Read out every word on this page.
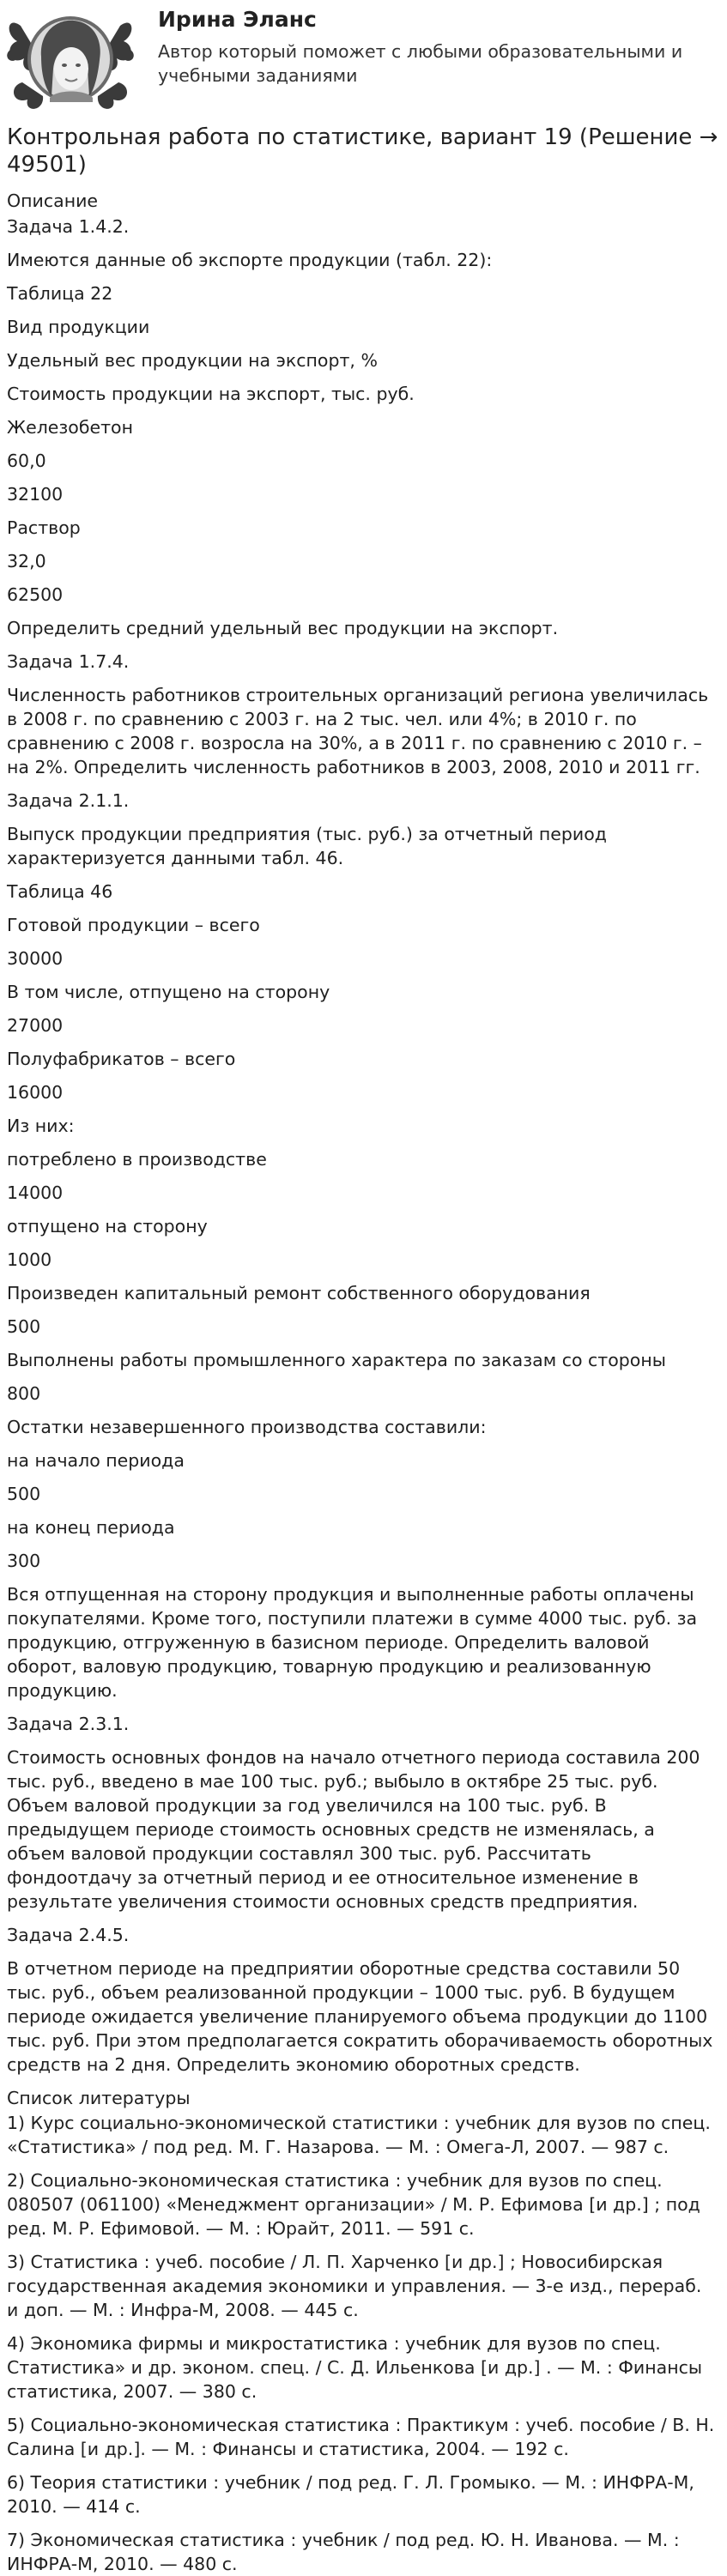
Ирина Эланс
Автор который поможет с любыми образовательными и учебными заданиями
Контрольная работа по статистике, вариант 19 (Решение → 49501)
Описание
Задача 1.4.2.
Имеются данные об экспорте продукции (табл. 22):
Таблица 22
Вид продукции
Удельный вес продукции на экспорт, %
Стоимость продукции на экспорт, тыс. руб.
Железобетон
60,0
32100
Раствор
32,0
62500
Определить средний удельный вес продукции на экспорт.
Задача 1.7.4.
Численность работников строительных организаций региона увеличилась в 2008 г. по сравнению с 2003 г. на 2 тыс. чел. или 4%; в 2010 г. по сравнению с 2008 г. возросла на 30%, а в 2011 г. по сравнению с 2010 г. – на 2%. Определить численность работников в 2003, 2008, 2010 и 2011 гг.
Задача 2.1.1.
Выпуск продукции предприятия (тыс. руб.) за отчетный период характеризуется данными табл. 46.
Таблица 46
Готовой продукции – всего
30000
В том числе, отпущено на сторону
27000
Полуфабрикатов – всего
16000
Из них:
потреблено в производстве
14000
отпущено на сторону
1000
Произведен капитальный ремонт собственного оборудования
500
Выполнены работы промышленного характера по заказам со стороны
800
Остатки незавершенного производства составили:
на начало периода
500
на конец периода
300
Вся отпущенная на сторону продукция и выполненные работы оплачены покупателями. Кроме того, поступили платежи в сумме 4000 тыс. руб. за продукцию, отгруженную в базисном периоде. Определить валовой оборот, валовую продукцию, товарную продукцию и реализованную продукцию.
Задача 2.3.1.
Стоимость основных фондов на начало отчетного периода составила 200 тыс. руб., введено в мае 100 тыс. руб.; выбыло в октябре 25 тыс. руб. Объем валовой продукции за год увеличился на 100 тыс. руб. В предыдущем периоде стоимость основных средств не изменялась, а объем валовой продукции составлял 300 тыс. руб. Рассчитать фондоотдачу за отчетный период и ее относительное изменение в результате увеличения стоимости основных средств предприятия.
Задача 2.4.5.
В отчетном периоде на предприятии оборотные средства составили 50 тыс. руб., объем реализованной продукции – 1000 тыс. руб. В будущем периоде ожидается увеличение планируемого объема продукции до 1100 тыс. руб. При этом предполагается сократить оборачиваемость оборотных средств на 2 дня. Определить экономию оборотных средств.
Список литературы
1) Курс социально-экономической статистики : учебник для вузов по спец. «Статистика» / под ред. М. Г. Назарова. — М. : Омега-Л, 2007. — 987 с.
2) Социально-экономическая статистика : учебник для вузов по спец. 080507 (061100) «Менеджмент организации» / М. Р. Ефимова [и др.] ; под ред. М. Р. Ефимовой. — М. : Юрайт, 2011. — 591 с.
3) Статистика : учеб. пособие / Л. П. Харченко [и др.] ; Новосибирская государственная академия экономики и управления. — 3-е изд., перераб. и доп. — М. : Инфра-М, 2008. — 445 с.
4) Экономика фирмы и микростатистика : учебник для вузов по спец. Статистика» и др. эконом. спец. / С. Д. Ильенкова [и др.] . — М. : Финансы статистика, 2007. — 380 с.
5) Социально-экономическая статистика : Практикум : учеб. пособие / В. Н. Салина [и др.]. — М. : Финансы и статистика, 2004. — 192 с.
6) Теория статистики : учебник / под ред. Г. Л. Громыко. — М. : ИНФРА-М, 2010. — 414 с.
7) Экономическая статистика : учебник / под ред. Ю. Н. Иванова. — М. : ИНФРА-М, 2010. — 480 с.
